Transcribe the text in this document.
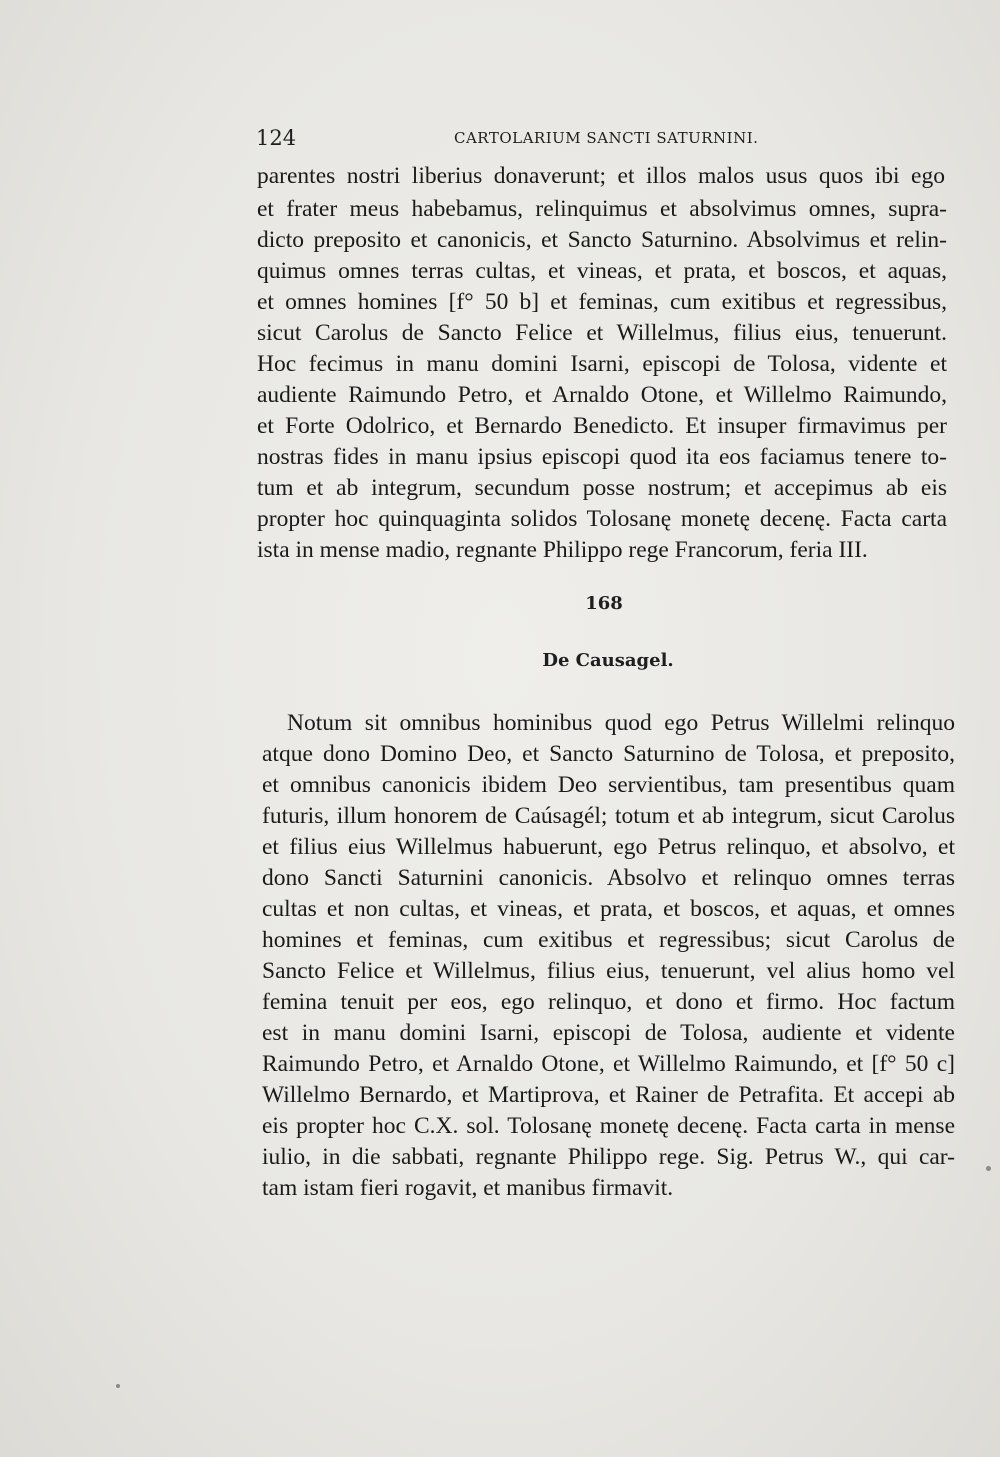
124	CARTOLARIUM SANCTI SATURNINI.
parentes nostri liberius donaverunt; et illos malos usus quos ibi ego
et frater meus habebamus, relinquimus et absolvimus omnes, supra-
dicto preposito et canonicis, et Sancto Saturnino. Absolvimus et relin-
quimus omnes terras cultas, et vineas, et prata, et boscos, et aquas,
et omnes homines [f° 50 b] et feminas, cum exitibus et regressibus,
sicut Carolus de Sancto Felice et Willelmus, filius eius, tenuerunt.
Hoc fecimus in manu domini Isarni, episcopi de Tolosa, vidente et
audiente Raimundo Petro, et Arnaldo Otone, et Willelmo Raimundo,
et Forte Odolrico, et Bernardo Benedicto. Et insuper firmavimus per
nostras fides in manu ipsius episcopi quod ita eos faciamus tenere to-
tum et ab integrum, secundum posse nostrum; et accepimus ab eis
propter hoc quinquaginta solidos Tolosanę monetę decenę. Facta carta
ista in mense madio, regnante Philippo rege Francorum, feria III.
168
De Causagel.
Notum sit omnibus hominibus quod ego Petrus Willelmi relinquo
atque dono Domino Deo, et Sancto Saturnino de Tolosa, et preposito,
et omnibus canonicis ibidem Deo servientibus, tam presentibus quam
futuris, illum honorem de Caúsagél; totum et ab integrum, sicut Carolus
et filius eius Willelmus habuerunt, ego Petrus relinquo, et absolvo, et
dono Sancti Saturnini canonicis. Absolvo et relinquo omnes terras
cultas et non cultas, et vineas, et prata, et boscos, et aquas, et omnes
homines et feminas, cum exitibus et regressibus; sicut Carolus de
Sancto Felice et Willelmus, filius eius, tenuerunt, vel alius homo vel
femina tenuit per eos, ego relinquo, et dono et firmo. Hoc factum
est in manu domini Isarni, episcopi de Tolosa, audiente et vidente
Raimundo Petro, et Arnaldo Otone, et Willelmo Raimundo, et [f° 50 c]
Willelmo Bernardo, et Martiprova, et Rainer de Petrafita. Et accepi ab
eis propter hoc C.X. sol. Tolosanę monetę decenę. Facta carta in mense
iulio, in die sabbati, regnante Philippo rege. Sig. Petrus W., qui car-
tam istam fieri rogavit, et manibus firmavit.
